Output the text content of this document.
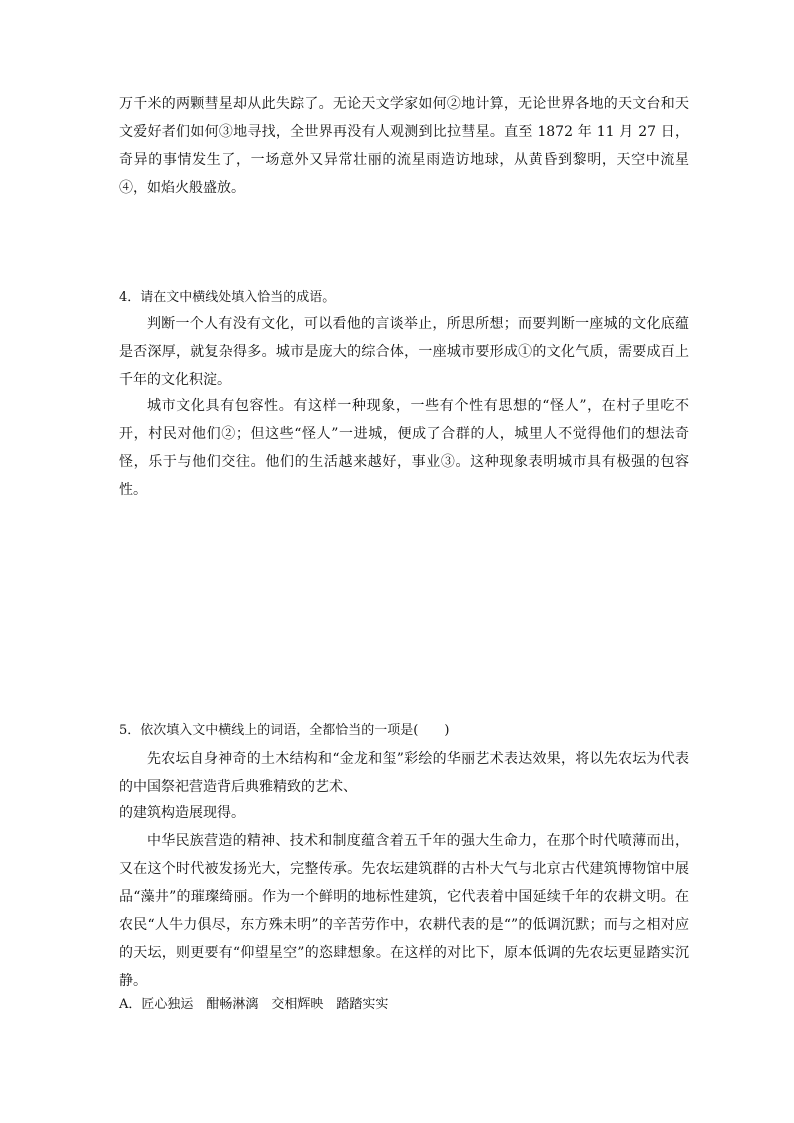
万千米的两颗彗星却从此失踪了。无论天文学家如何②地计算，无论世界各地的天文台和天文爱好者们如何③地寻找，全世界再没有人观测到比拉彗星。直至 1872 年 11 月 27 日，奇异的事情发生了，一场意外又异常壮丽的流星雨造访地球，从黄昏到黎明，天空中流星④，如焰火般盛放。

4．请在文中横线处填入恰当的成语。

判断一个人有没有文化，可以看他的言谈举止，所思所想；而要判断一座城的文化底蕴是否深厚，就复杂得多。城市是庞大的综合体，一座城市要形成①的文化气质，需要成百上千年的文化积淀。

城市文化具有包容性。有这样一种现象，一些有个性有思想的“怪人”，在村子里吃不开，村民对他们②；但这些“怪人”一进城，便成了合群的人，城里人不觉得他们的想法奇怪，乐于与他们交往。他们的生活越来越好，事业③。这种现象表明城市具有极强的包容性。

5．依次填入文中横线上的词语，全都恰当的一项是(　　)

先农坛自身神奇的土木结构和“金龙和玺”彩绘的华丽艺术表达效果，将以先农坛为代表的中国祭祀营造背后典雅精致的艺术、

的建筑构造展现得。

中华民族营造的精神、技术和制度蕴含着五千年的强大生命力，在那个时代喷薄而出，又在这个时代被发扬光大，完整传承。先农坛建筑群的古朴大气与北京古代建筑博物馆中展品“藻井”的璀璨绮丽。作为一个鲜明的地标性建筑，它代表着中国延续千年的农耕文明。在农民“人牛力俱尽，东方殊未明”的辛苦劳作中，农耕代表的是“”的低调沉默；而与之相对应的天坛，则更要有“仰望星空”的恣肆想象。在这样的对比下，原本低调的先农坛更显踏实沉静。

A．匠心独运　酣畅淋漓　交相辉映　踏踏实实
